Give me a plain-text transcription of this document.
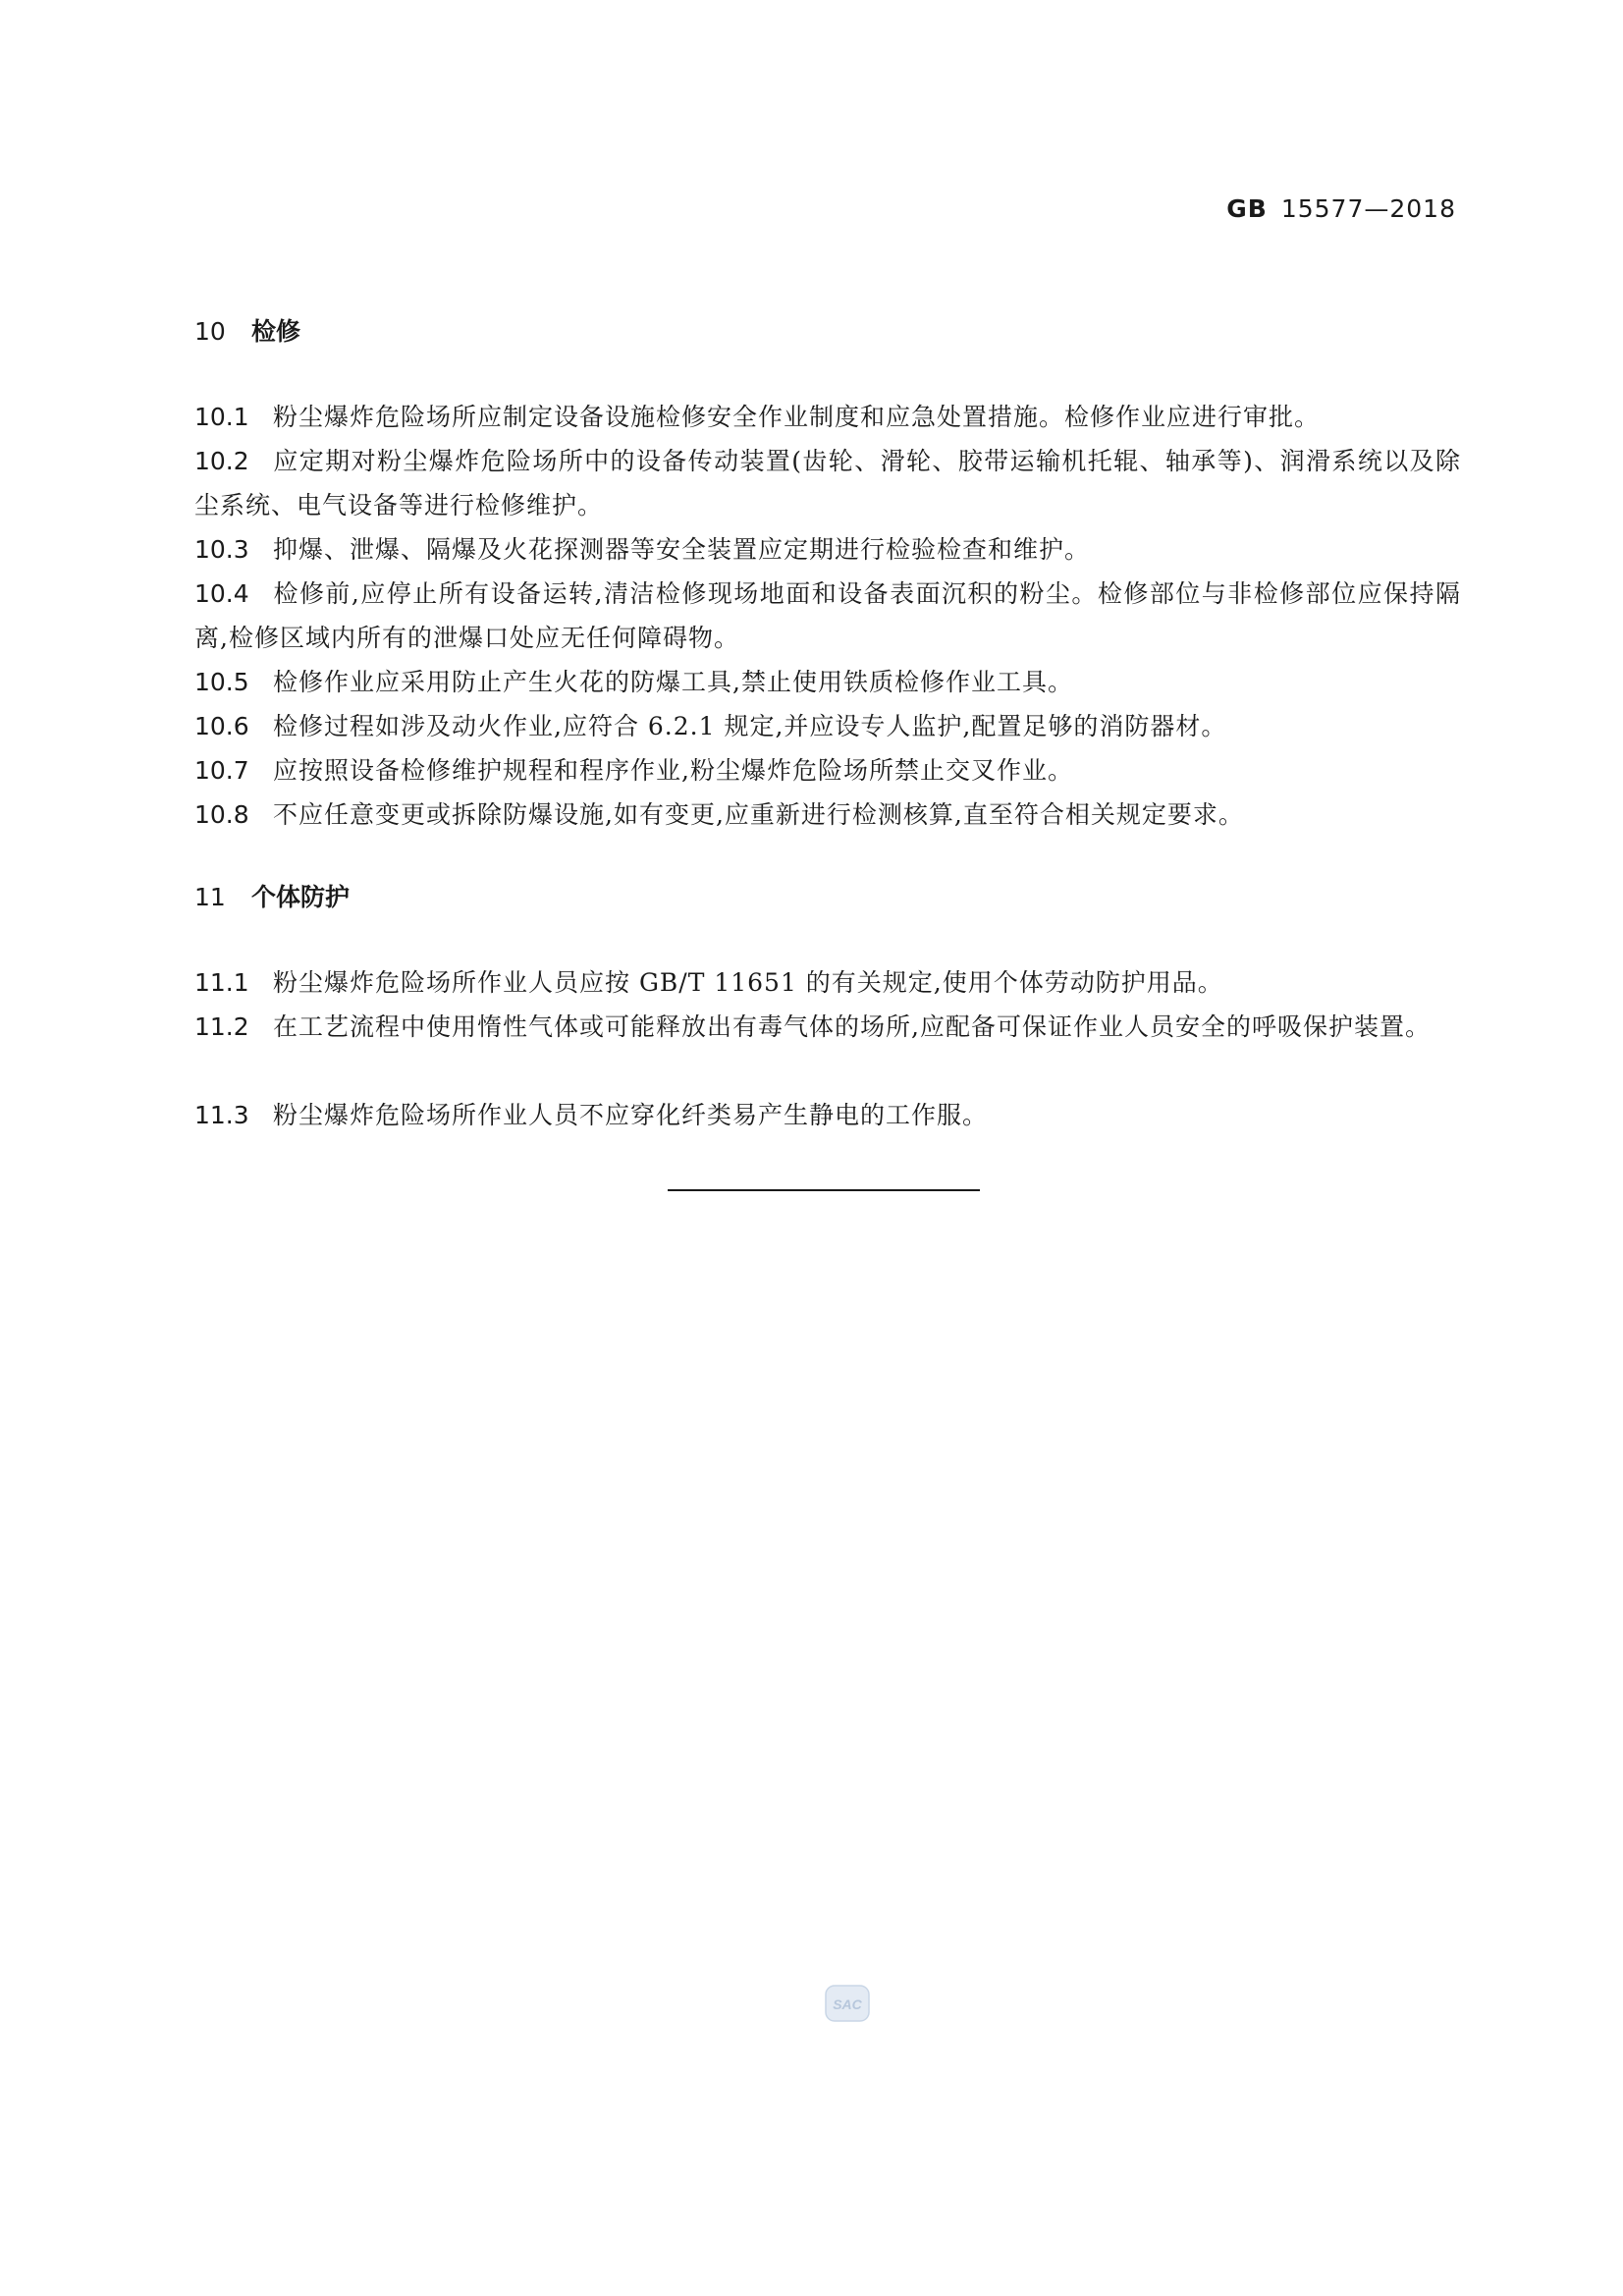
GB 15577—2018
10 检修
10.1 粉尘爆炸危险场所应制定设备设施检修安全作业制度和应急处置措施。检修作业应进行审批。
10.2 应定期对粉尘爆炸危险场所中的设备传动装置(齿轮、滑轮、胶带运输机托辊、轴承等)、润滑系统以及除尘系统、电气设备等进行检修维护。
10.3 抑爆、泄爆、隔爆及火花探测器等安全装置应定期进行检验检查和维护。
10.4 检修前,应停止所有设备运转,清洁检修现场地面和设备表面沉积的粉尘。检修部位与非检修部位应保持隔离,检修区域内所有的泄爆口处应无任何障碍物。
10.5 检修作业应采用防止产生火花的防爆工具,禁止使用铁质检修作业工具。
10.6 检修过程如涉及动火作业,应符合 6.2.1 规定,并应设专人监护,配置足够的消防器材。
10.7 应按照设备检修维护规程和程序作业,粉尘爆炸危险场所禁止交叉作业。
10.8 不应任意变更或拆除防爆设施,如有变更,应重新进行检测核算,直至符合相关规定要求。
11 个体防护
11.1 粉尘爆炸危险场所作业人员应按 GB/T 11651 的有关规定,使用个体劳动防护用品。
11.2 在工艺流程中使用惰性气体或可能释放出有毒气体的场所,应配备可保证作业人员安全的呼吸保护装置。
11.3 粉尘爆炸危险场所作业人员不应穿化纤类易产生静电的工作服。
SAC
